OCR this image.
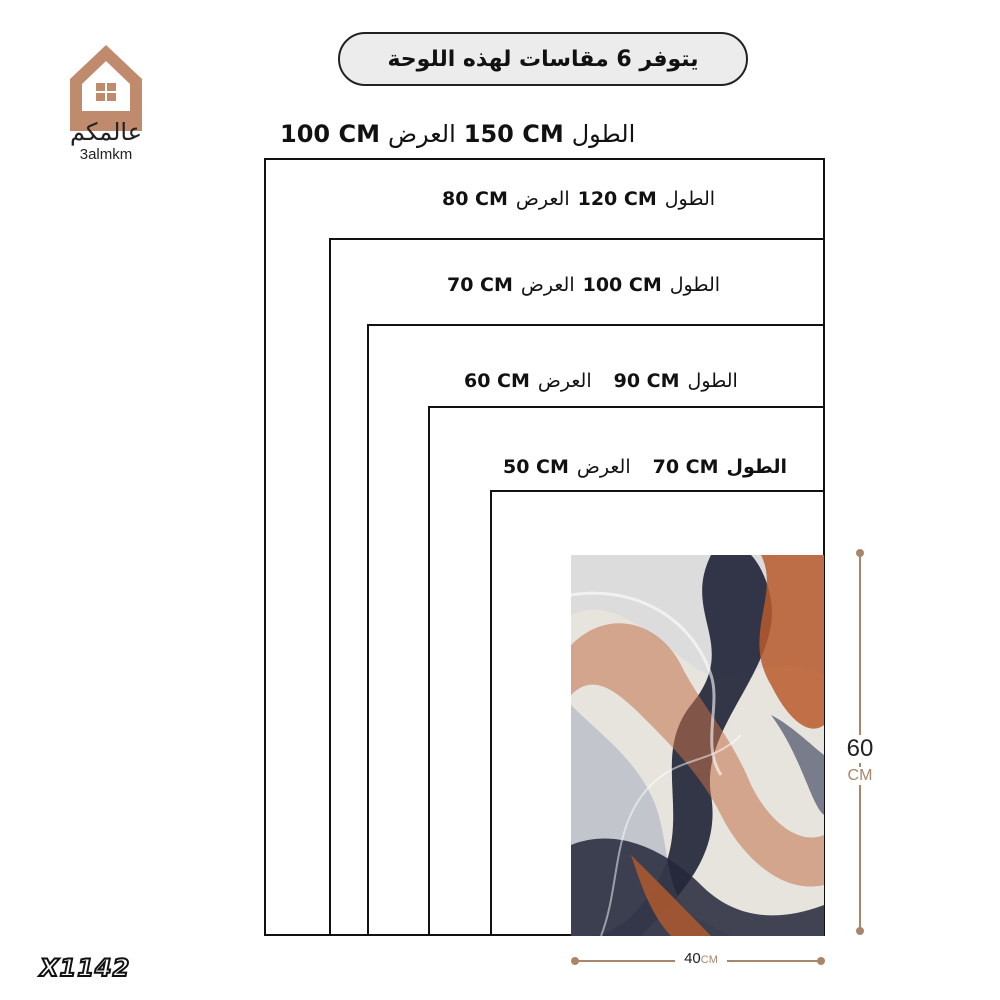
عالمكم
3almkm
يتوفر 6 مقاسات لهذه اللوحة
100 CM العرض 150 CM الطول
80 CM العرض 120 CM الطول
70 CM العرض 100 CM الطول
60 CM العرض 90 CM الطول
50 CM العرض 70 CM الطول
60
CM
40CM
X1142
